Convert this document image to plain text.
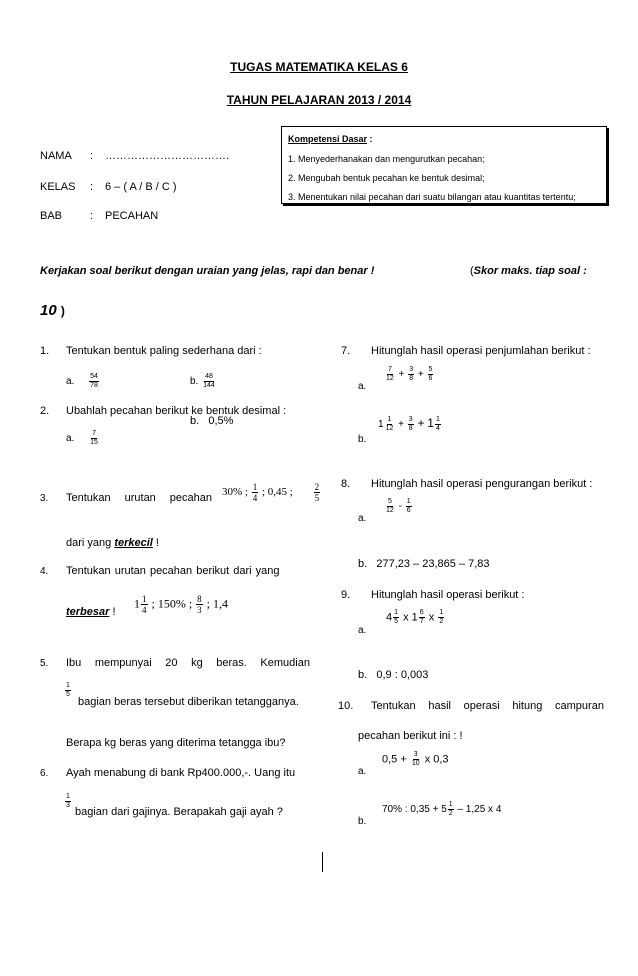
TUGAS MATEMATIKA KELAS 6
TAHUN PELAJARAN 2013 / 2014
NAMA : …………………………….
KELAS : 6 – ( A / B / C )
BAB	: PECAHAN
Kompetensi Dasar :
1. Menyederhanakan dan mengurutkan pecahan;
2. Mengubah bentuk pecahan ke bentuk desimal;
3. Menentukan nilai pecahan dari suatu bilangan atau kuantitas tertentu;
Kerjakan soal berikut dengan uraian yang jelas, rapi dan benar !	(Skor maks. tiap soal :
10 )
1. Tentukan bentuk paling sederhana dari :
a. $\frac{54}{78}$	b. $\frac{48}{144}$
2. Ubahlah pecahan berikut ke bentuk desimal :
a. $\frac{7}{15}$
b. 0,5%
3. Tentukan urutan pecahan 30% ; $\frac{1}{4}$ ; 0,45 ; $\frac{2}{5}$
dari yang terkecil !
4. Tentukan urutan pecahan berikut dari yang
$1 \frac{1}{4}$ ; 150% ; $\frac{8}{3}$ ; 1,4
terbesar !
5. Ibu mempunyai 20 kg beras. Kemudian
$\frac{1}{5}$
bagian beras tersebut diberikan tetangganya.
Berapa kg beras yang diterima tetangga ibu?
6. Ayah menabung di bank Rp400.000,-. Uang itu
$\frac{1}{3}$
bagian dari gajinya. Berapakah gaji ayah ?
7. Hitunglah hasil operasi penjumlahan berikut :
a.
$\frac{7}{12} + \frac{3}{8} + \frac{5}{6}$
b.
$1 \frac{1}{12} + \frac{3}{8} + 1 \frac{1}{4}$
8. Hitunglah hasil operasi pengurangan berikut :
a.
$\frac{5}{12} - \frac{1}{6}$
b. 277,23 – 23,865 – 7,83
9. Hitunglah hasil operasi berikut :
a.
$4 \frac{1}{5}$ x $1 \frac{6}{7}$ x $\frac{1}{2}$
b. 0,9 : 0,003
10. Tentukan hasil operasi hitung campuran
pecahan berikut ini : !
a.
$0,5 + \frac{3}{10}$ x 0,3
b.
70% : $0,35 + 5 \frac{1}{2} - 1,25$ x 4
